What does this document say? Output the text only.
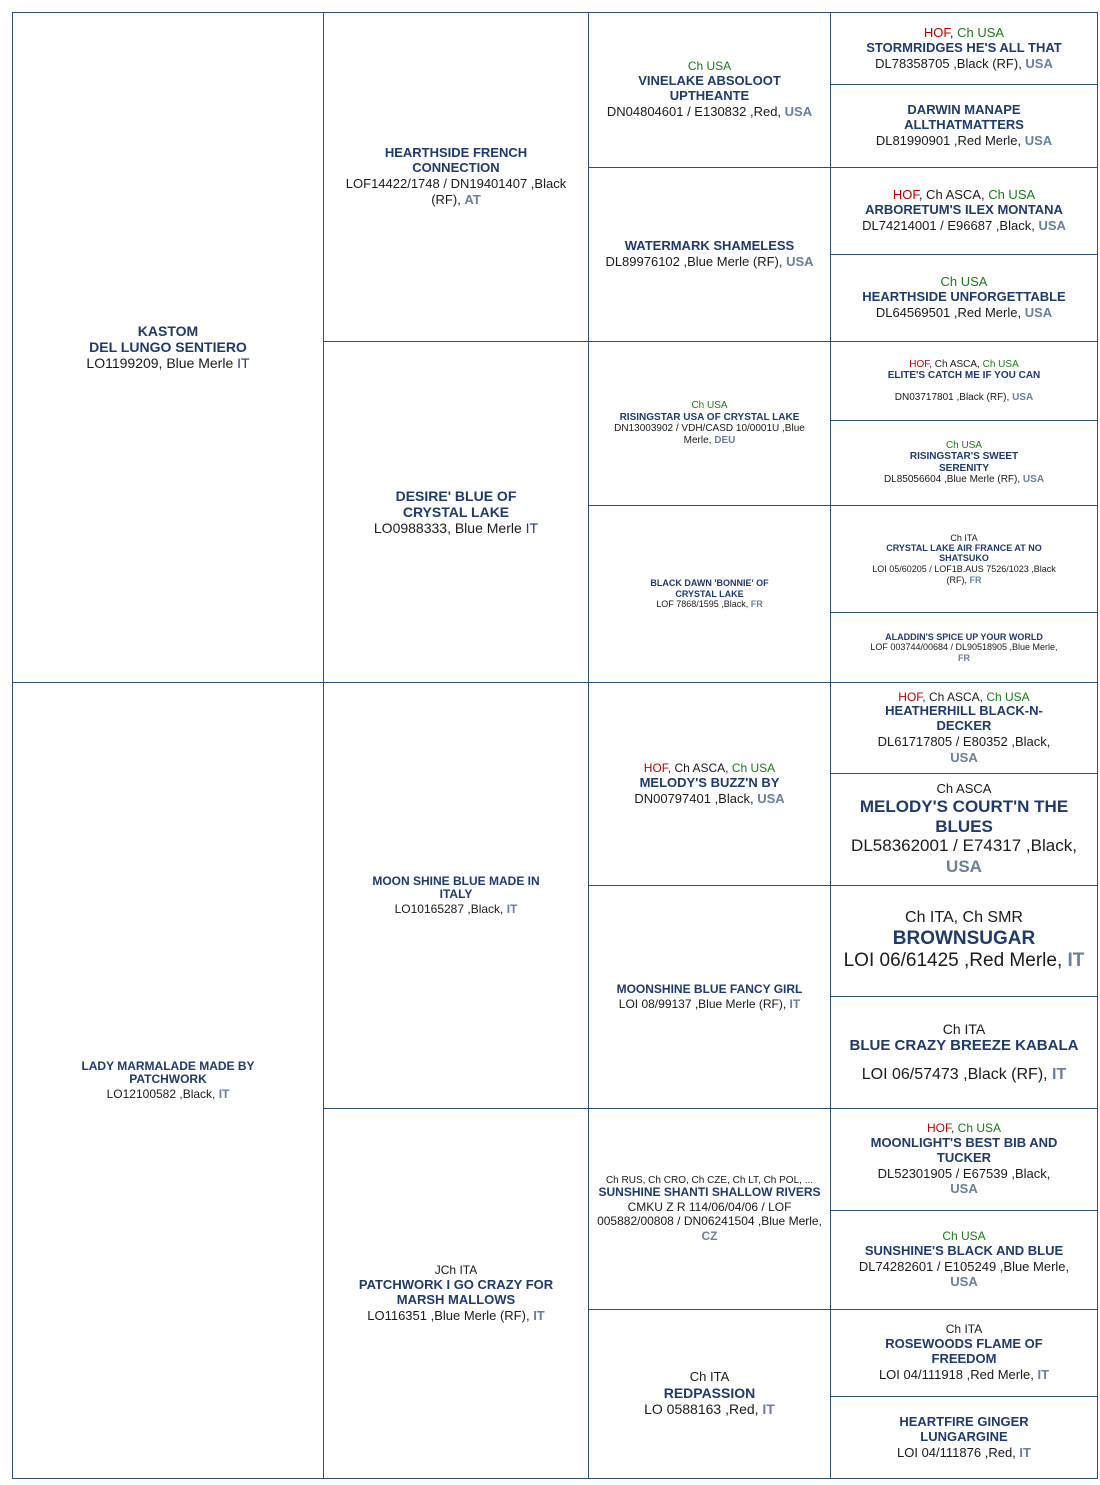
KASTOM
DEL LUNGO SENTIERO
LO1199209, Blue Merle IT
LADY MARMALADE MADE BY PATCHWORK
LO12100582 ,Black, IT
HEARTHSIDE FRENCH CONNECTION
LOF14422/1748 / DN19401407 ,Black (RF), AT
DESIRE' BLUE OF CRYSTAL LAKE
LO0988333, Blue Merle IT
MOON SHINE BLUE MADE IN ITALY
LO10165287 ,Black, IT
JCh ITA
PATCHWORK I GO CRAZY FOR MARSH MALLOWS
LO116351 ,Blue Merle (RF), IT
Ch USA
VINELAKE ABSOLOOT UPTHEANTE
DN04804601 / E130832 ,Red, USA
WATERMARK SHAMELESS
DL89976102 ,Blue Merle (RF), USA
Ch USA
RISINGSTAR USA OF CRYSTAL LAKE
DN13003902 / VDH/CASD 10/0001U ,Blue Merle, DEU
BLACK DAWN 'BONNIE' OF CRYSTAL LAKE
LOF 7868/1595 ,Black, FR
HOF, Ch ASCA, Ch USA
MELODY'S BUZZ'N BY
DN00797401 ,Black, USA
MOONSHINE BLUE FANCY GIRL
LOI 08/99137 ,Blue Merle (RF), IT
Ch RUS, Ch CRO, Ch CZE, Ch LT, Ch POL, ...
SUNSHINE SHANTI SHALLOW RIVERS
CMKU Z R 114/06/04/06 / LOF 005882/00808 / DN06241504 ,Blue Merle, CZ
Ch ITA
REDPASSION
LO 0588163 ,Red, IT
HOF, Ch USA
STORMRIDGES HE'S ALL THAT
DL78358705 ,Black (RF), USA
DARWIN MANAPE ALLTHATMATTERS
DL81990901 ,Red Merle, USA
HOF, Ch ASCA, Ch USA
ARBORETUM'S ILEX MONTANA
DL74214001 / E96687 ,Black, USA
Ch USA
HEARTHSIDE UNFORGETTABLE
DL64569501 ,Red Merle, USA
HOF, Ch ASCA, Ch USA
ELITE'S CATCH ME IF YOU CAN
DN03717801 ,Black (RF), USA
Ch USA
RISINGSTAR'S SWEET SERENITY
DL85056604 ,Blue Merle (RF), USA
Ch ITA
CRYSTAL LAKE AIR FRANCE AT NO SHATSUKO
LOI 05/60205 / LOF1B.AUS 7526/1023 ,Black (RF), FR
ALADDIN'S SPICE UP YOUR WORLD
LOF 003744/00684 / DL90518905 ,Blue Merle, FR
HOF, Ch ASCA, Ch USA
HEATHERHILL BLACK-N-DECKER
DL61717805 / E80352 ,Black, USA
Ch ASCA
MELODY'S COURT'N THE BLUES
DL58362001 / E74317 ,Black, USA
Ch ITA, Ch SMR
BROWNSUGAR
LOI 06/61425 ,Red Merle, IT
Ch ITA
BLUE CRAZY BREEZE KABALA
LOI 06/57473 ,Black (RF), IT
HOF, Ch USA
MOONLIGHT'S BEST BIB AND TUCKER
DL52301905 / E67539 ,Black, USA
Ch USA
SUNSHINE'S BLACK AND BLUE
DL74282601 / E105249 ,Blue Merle, USA
Ch ITA
ROSEWOODS FLAME OF FREEDOM
LOI 04/111918 ,Red Merle, IT
HEARTFIRE GINGER LUNGARGINE
LOI 04/111876 ,Red, IT
